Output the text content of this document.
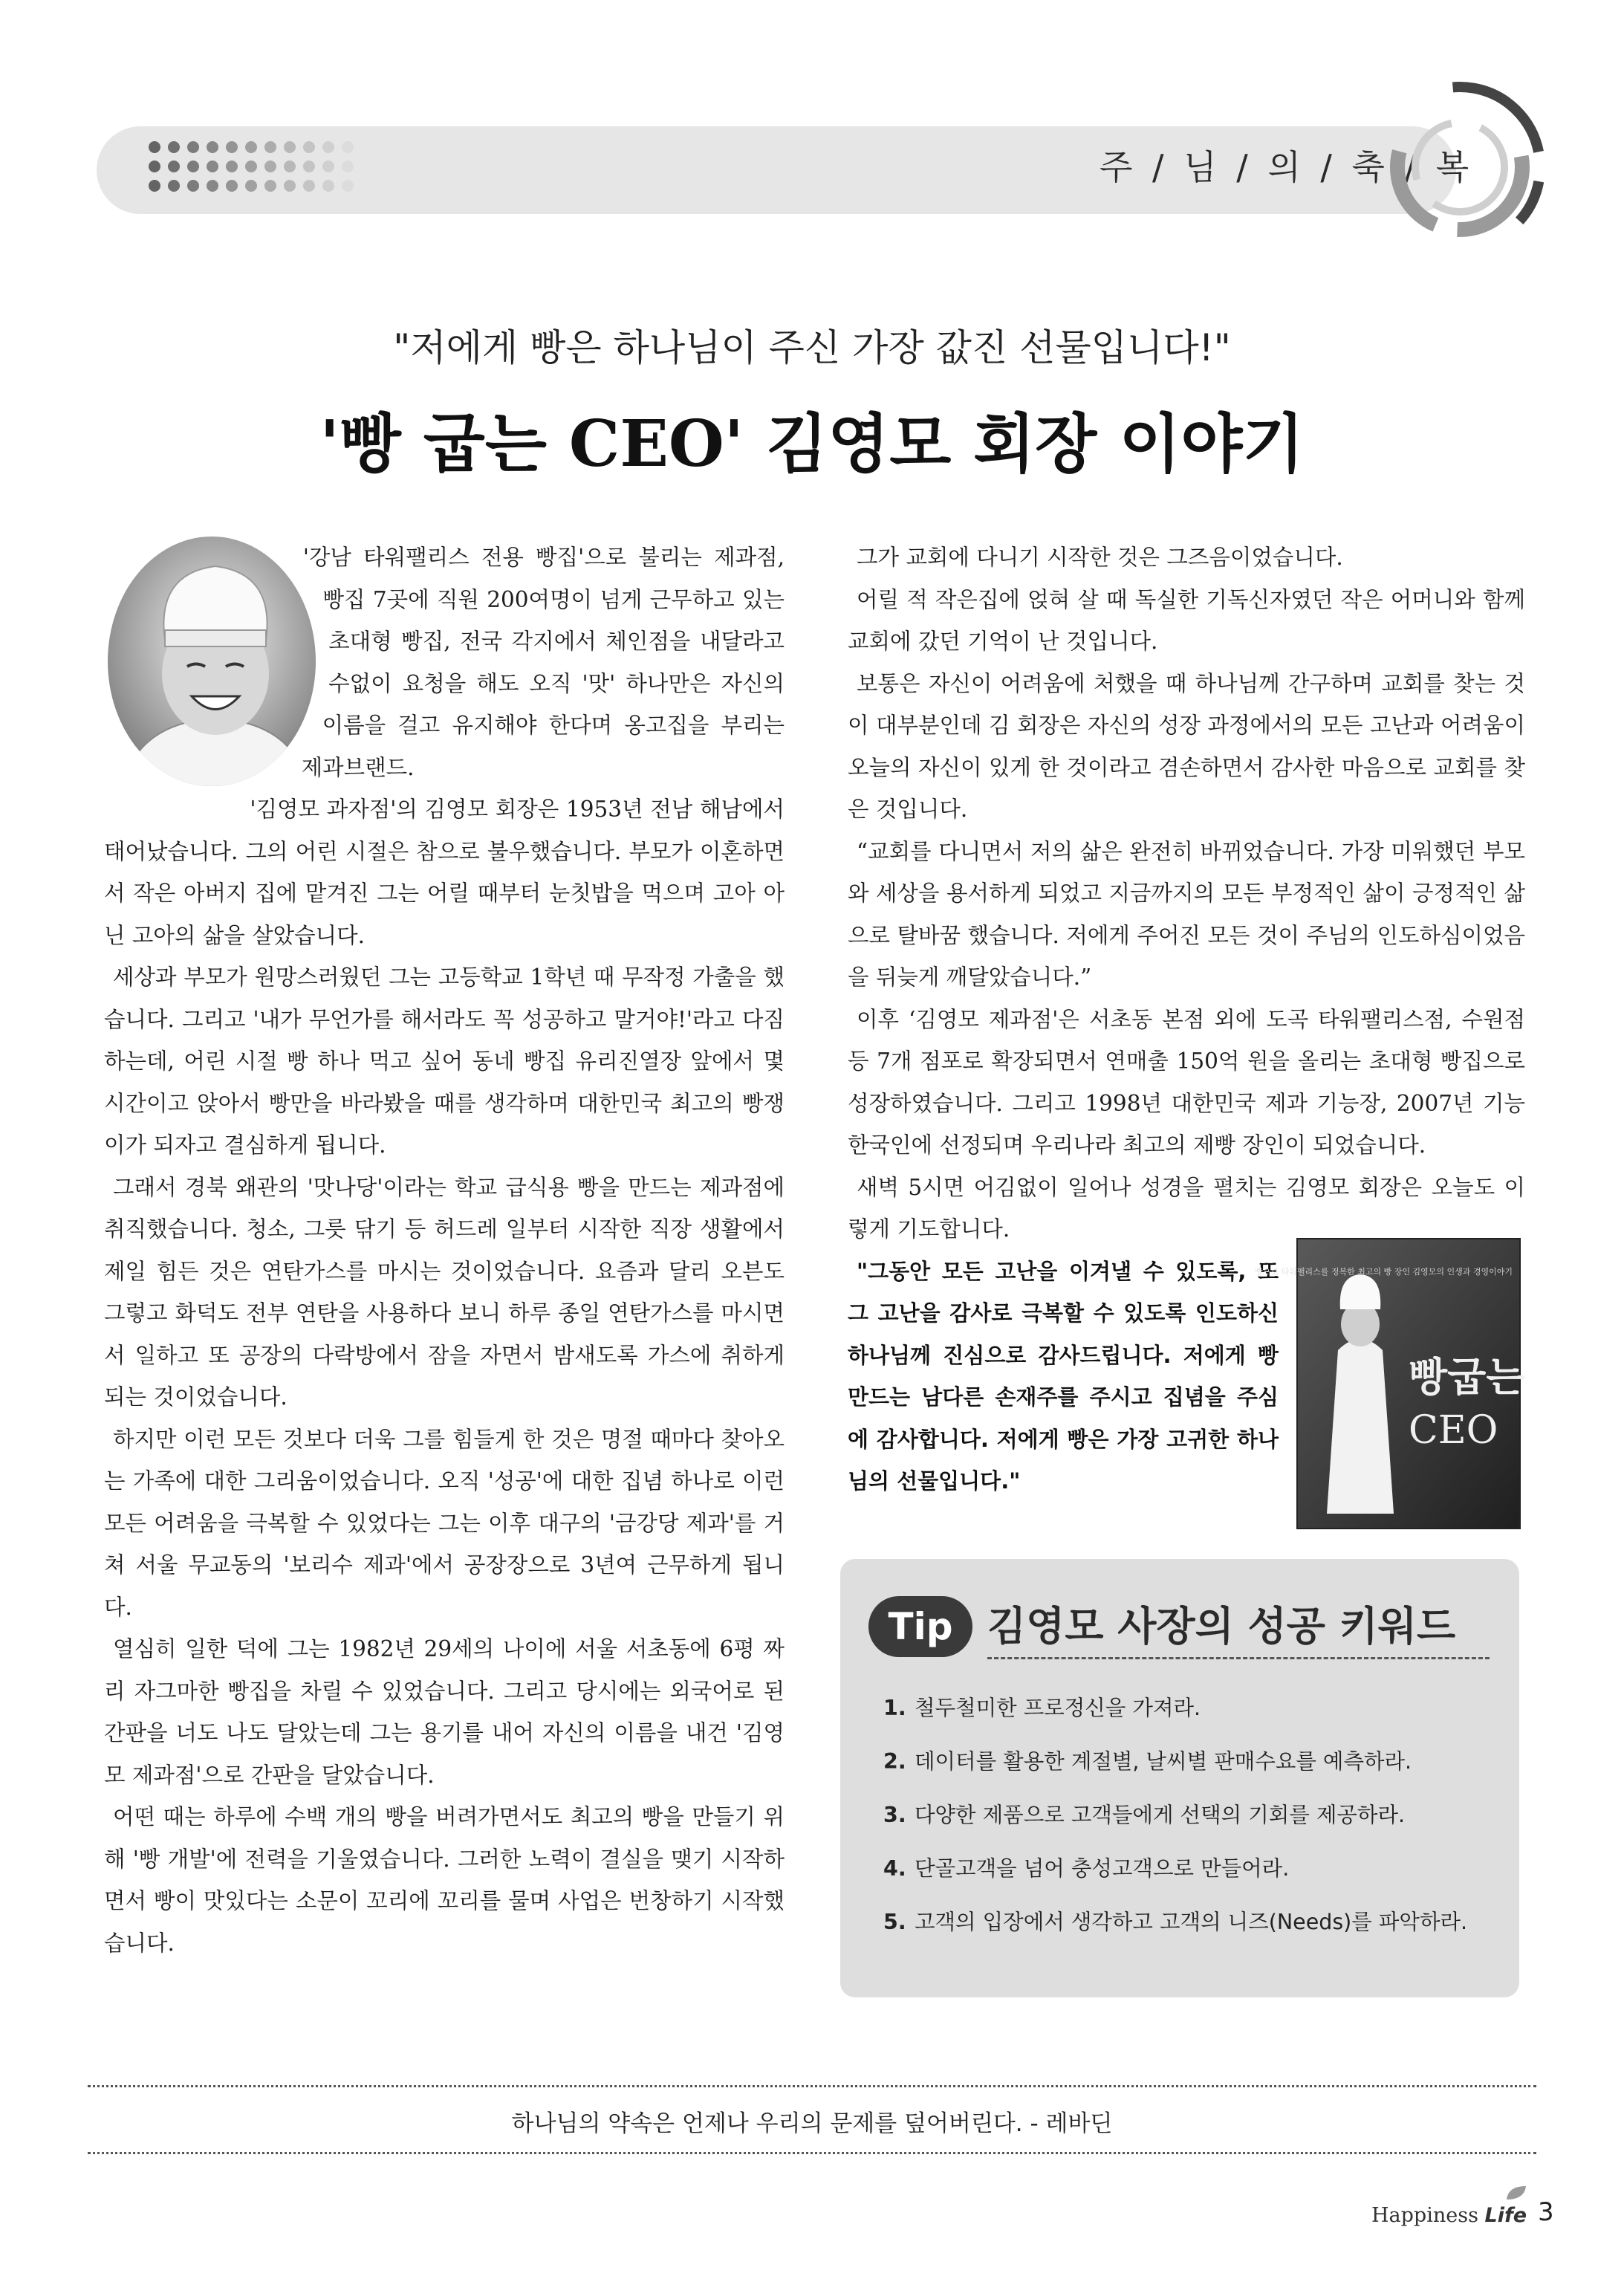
주 / 님 / 의 / 축 / 복
"저에게 빵은 하나님이 주신 가장 값진 선물입니다!"
'빵 굽는 CEO' 김영모 회장 이야기

'강남 타워팰리스 전용 빵집'으로 불리는 제과점, 빵집 7곳에 직원 200여명이 넘게 근무하고 있는 초대형 빵집, 전국 각지에서 체인점을 내달라고 수없이 요청을 해도 오직 '맛' 하나만은 자신의 이름을 걸고 유지해야 한다며 옹고집을 부리는 제과브랜드.

'김영모 과자점'의 김영모 회장은 1953년 전남 해남에서 태어났습니다. 그의 어린 시절은 참으로 불우했습니다. 부모가 이혼하면서 작은 아버지 집에 맡겨진 그는 어릴 때부터 눈칫밥을 먹으며 고아 아닌 고아의 삶을 살았습니다.

세상과 부모가 원망스러웠던 그는 고등학교 1학년 때 무작정 가출을 했습니다. 그리고 '내가 무언가를 해서라도 꼭 성공하고 말거야!'라고 다짐하는데, 어린 시절 빵 하나 먹고 싶어 동네 빵집 유리진열장 앞에서 몇 시간이고 앉아서 빵만을 바라봤을 때를 생각하며 대한민국 최고의 빵쟁이가 되자고 결심하게 됩니다.

그래서 경북 왜관의 '맛나당'이라는 학교 급식용 빵을 만드는 제과점에 취직했습니다. 청소, 그릇 닦기 등 허드레 일부터 시작한 직장 생활에서 제일 힘든 것은 연탄가스를 마시는 것이었습니다. 요즘과 달리 오븐도 그렇고 화덕도 전부 연탄을 사용하다 보니 하루 종일 연탄가스를 마시면서 일하고 또 공장의 다락방에서 잠을 자면서 밤새도록 가스에 취하게 되는 것이었습니다.

하지만 이런 모든 것보다 더욱 그를 힘들게 한 것은 명절 때마다 찾아오는 가족에 대한 그리움이었습니다. 오직 '성공'에 대한 집념 하나로 이런 모든 어려움을 극복할 수 있었다는 그는 이후 대구의 '금강당 제과'를 거쳐 서울 무교동의 '보리수 제과'에서 공장장으로 3년여 근무하게 됩니다.

열심히 일한 덕에 그는 1982년 29세의 나이에 서울 서초동에 6평 짜리 자그마한 빵집을 차릴 수 있었습니다. 그리고 당시에는 외국어로 된 간판을 너도 나도 달았는데 그는 용기를 내어 자신의 이름을 내건 '김영모 제과점'으로 간판을 달았습니다.

어떤 때는 하루에 수백 개의 빵을 버려가면서도 최고의 빵을 만들기 위해 '빵 개발'에 전력을 기울였습니다. 그러한 노력이 결실을 맺기 시작하면서 빵이 맛있다는 소문이 꼬리에 꼬리를 물며 사업은 번창하기 시작했습니다.

그가 교회에 다니기 시작한 것은 그즈음이었습니다.

어릴 적 작은집에 얹혀 살 때 독실한 기독신자였던 작은 어머니와 함께 교회에 갔던 기억이 난 것입니다.

보통은 자신이 어려움에 처했을 때 하나님께 간구하며 교회를 찾는 것이 대부분인데 김 회장은 자신의 성장 과정에서의 모든 고난과 어려움이 오늘의 자신이 있게 한 것이라고 겸손하면서 감사한 마음으로 교회를 찾은 것입니다.

“교회를 다니면서 저의 삶은 완전히 바뀌었습니다. 가장 미워했던 부모와 세상을 용서하게 되었고 지금까지의 모든 부정적인 삶이 긍정적인 삶으로 탈바꿈 했습니다. 저에게 주어진 모든 것이 주님의 인도하심이었음을 뒤늦게 깨달았습니다.”

이후 ‘김영모 제과점'은 서초동 본점 외에 도곡 타워팰리스점, 수원점 등 7개 점포로 확장되면서 연매출 150억 원을 올리는 초대형 빵집으로 성장하였습니다. 그리고 1998년 대한민국 제과 기능장, 2007년 기능 한국인에 선정되며 우리나라 최고의 제빵 장인이 되었습니다.

새벽 5시면 어김없이 일어나 성경을 펼치는 김영모 회장은 오늘도 이렇게 기도합니다.

"그동안 모든 고난을 이겨낼 수 있도록, 또 그 고난을 감사로 극복할 수 있도록 인도하신 하나님께 진심으로 감사드립니다. 저에게 빵 만드는 남다른 손재주를 주시고 집념을 주심에 감사합니다. 저에게 빵은 가장 고귀한 하나님의 선물입니다."

빵으로 타워팰리스를 정복한 최고의 빵 장인 김영모의 인생과 경영이야기
빵굽는
CEO
Tip 김영모 사장의 성공 키워드
1. 철두철미한 프로정신을 가져라.
2. 데이터를 활용한 계절별, 날씨별 판매수요를 예측하라.
3. 다양한 제품으로 고객들에게 선택의 기회를 제공하라.
4. 단골고객을 넘어 충성고객으로 만들어라.
5. 고객의 입장에서 생각하고 고객의 니즈(Needs)를 파악하라.
하나님의 약속은 언제나 우리의 문제를 덮어버린다. - 레바딘
Happiness Life 3
